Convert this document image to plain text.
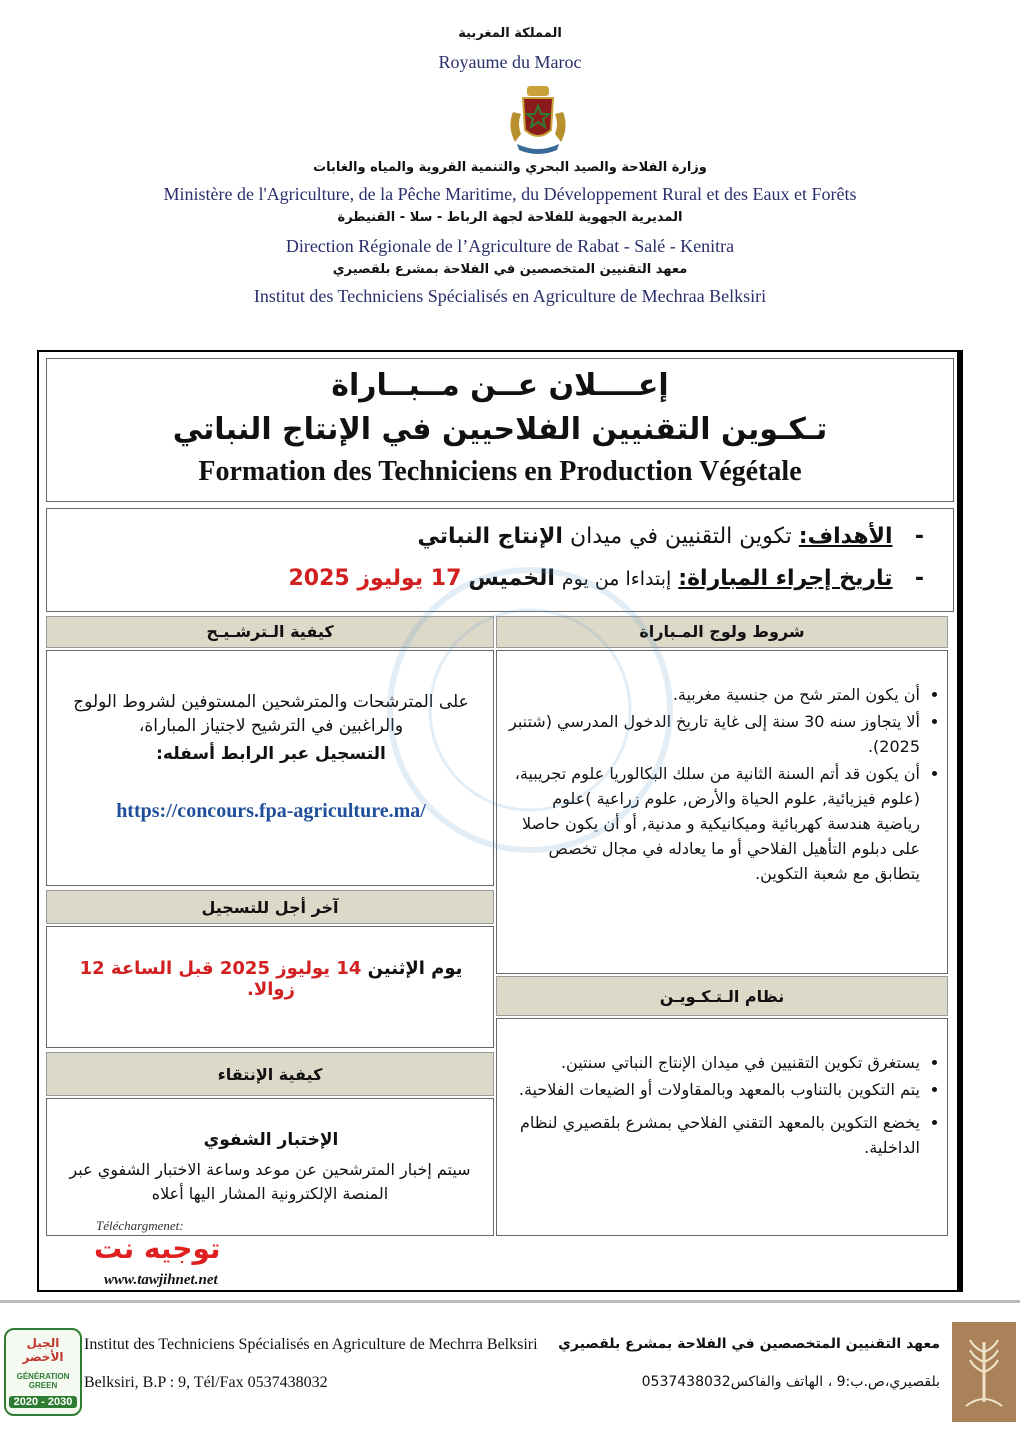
المملكة المغربية
Royaume du Maroc
وزارة الفلاحة والصيد البحري والتنمية القروية والمياه والغابات
Ministère de l'Agriculture, de la Pêche Maritime, du Développement Rural et des Eaux et Forêts
المديرية الجهوية للفلاحة لجهة الرباط - سلا - القنيطرة
Direction Régionale de l’Agriculture de Rabat - Salé - Kenitra
معهد التقنيين المتخصصين في الفلاحة بمشرع بلقصيري
Institut des Techniciens Spécialisés en Agriculture de Mechraa Belksiri
إعــــلان عــن مــبــاراة
تـكـوين التقنيين الفلاحيين في الإنتاج النباتي
Formation des Techniciens en Production Végétale
-   الأهداف: تكوين التقنيين في ميدان الإنتاج النباتي
-   تاريخ إجراء المباراة: إبتداءا من يوم الخميس 17 يوليوز 2025
كيفية الـترشـيـح
على المترشحات والمترشحين المستوفين لشروط الولوج والراغبين في الترشيح لاجتياز المباراة،
التسجيل عبر الرابط أسفله:
https://concours.fpa-agriculture.ma/
آخر أجل للتسجيل
يوم الإثنين 14 يوليوز 2025 قبل الساعة 12 زوالا.
كيفية الإنتقاء
الإختبار الشفوي
سيتم إخبار المترشحين عن موعد وساعة الاختبار الشفوي عبر المنصة الإلكترونية المشار اليها أعلاه
شروط ولوج المـباراة
• أن يكون المتر شح من جنسية مغربية.
• ألا يتجاوز سنه 30 سنة إلى غاية تاريخ الدخول المدرسي (شتنبر 2025).
• أن يكون قد أتم السنة الثانية من سلك البكالوريا علوم تجريبية، (علوم فيزيائية, علوم الحياة والأرض, علوم زراعية )علوم رياضية هندسة كهربائية وميكانيكية و مدنية, أو أن يكون حاصلا على دبلوم التأهيل الفلاحي أو ما يعادله في مجال تخصص يتطابق مع شعبة التكوين.
نظام الـتـكـويـن
• يستغرق تكوين التقنيين في ميدان الإنتاج النباتي سنتين.
• يتم التكوين بالتناوب بالمعهد وبالمقاولات أو الضيعات الفلاحية.
• يخضع التكوين بالمعهد التقني الفلاحي بمشرع بلقصيري لنظام الداخلية.
Téléchargmenet:
توجيه نت
www.tawjihnet.net
الجيل الأخضر
GÉNÉRATION GREEN
2020 - 2030
Institut des Techniciens Spécialisés en Agriculture de Mechrra Belksiri
Belksiri, B.P : 9, Tél/Fax 0537438032
معهد التقنيين المتخصصين في الفلاحة بمشرع بلقصيري
بلقصيري،ص.ب:9 ، الهاتف والفاكس0537438032
